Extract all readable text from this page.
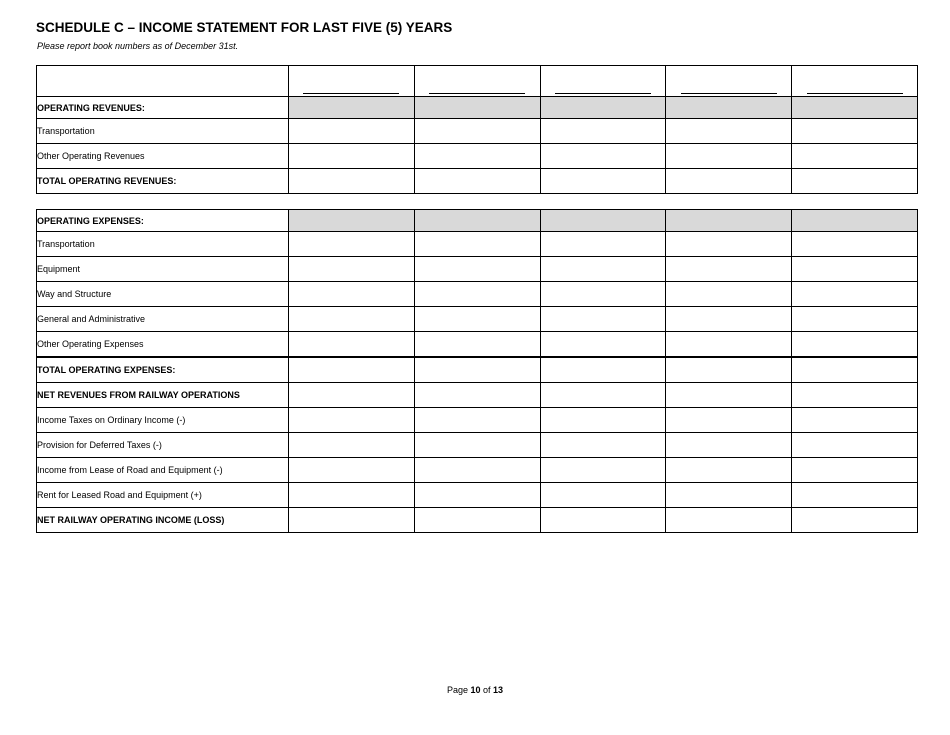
SCHEDULE C – INCOME STATEMENT FOR LAST FIVE (5) YEARS
Please report book numbers as of December 31st.

OPERATING REVENUES:					
Transportation					
Other Operating Revenues					
TOTAL OPERATING REVENUES:					
OPERATING EXPENSES:					
Transportation					
Equipment					
Way and Structure					
General and Administrative					
Other Operating Expenses					
TOTAL OPERATING EXPENSES:					
NET REVENUES FROM RAILWAY OPERATIONS					
Income Taxes on Ordinary Income (-)					
Provision for Deferred Taxes (-)					
Income from Lease of Road and Equipment (-)					
Rent for Leased Road and Equipment (+)					
NET RAILWAY OPERATING INCOME (LOSS)					
Page 10 of 13
